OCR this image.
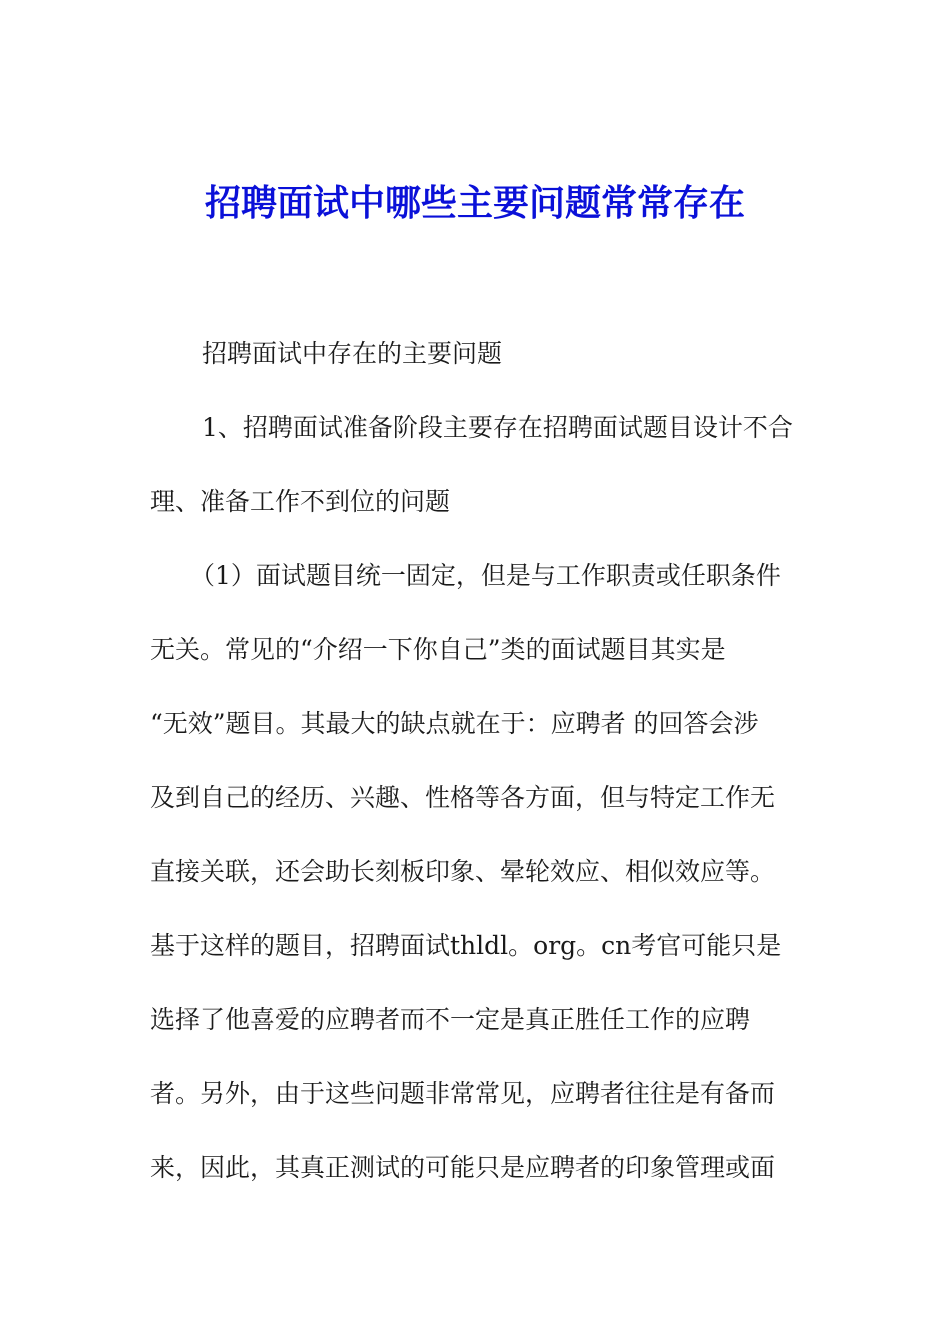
招聘面试中哪些主要问题常常存在
招聘面试中存在的主要问题
1、招聘面试准备阶段主要存在招聘面试题目设计不合
理、准备工作不到位的问题
（1）面试题目统一固定，但是与工作职责或任职条件
无关。常见的“介绍一下你自己”类的面试题目其实是
“无效”题目。其最大的缺点就在于：应聘者 的回答会涉
及到自己的经历、兴趣、性格等各方面，但与特定工作无
直接关联，还会助长刻板印象、晕轮效应、相似效应等。
基于这样的题目，招聘面试thldl。org。cn考官可能只是
选择了他喜爱的应聘者而不一定是真正胜任工作的应聘
者。另外，由于这些问题非常常见，应聘者往往是有备而
来，因此，其真正测试的可能只是应聘者的印象管理或面
